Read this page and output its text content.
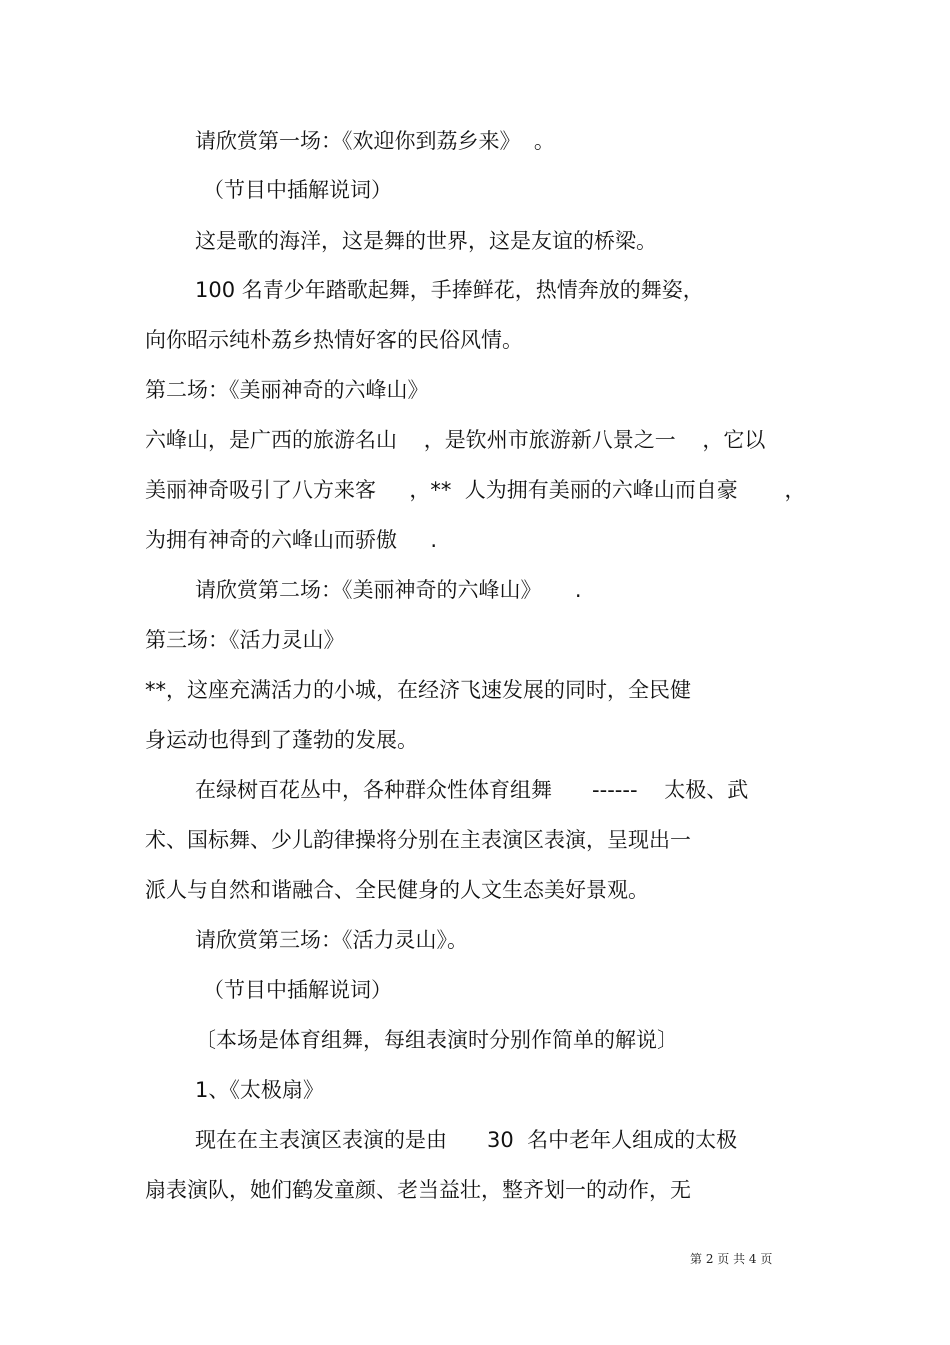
请欣赏第一场：《欢迎你到荔乡来》  。
（节目中插解说词）
这是歌的海洋，这是舞的世界，这是友谊的桥梁。
100 名青少年踏歌起舞，手捧鲜花，热情奔放的舞姿，
向你昭示纯朴荔乡热情好客的民俗风情。
第二场：《美丽神奇的六峰山》
六峰山，是广西的旅游名山    ，是钦州市旅游新八景之一    ，它以
美丽神奇吸引了八方来客     ，**  人为拥有美丽的六峰山而自豪       ，
为拥有神奇的六峰山而骄傲     .
请欣赏第二场：《美丽神奇的六峰山》     .
第三场：《活力灵山》
**，这座充满活力的小城，在经济飞速发展的同时，全民健
身运动也得到了蓬勃的发展。
在绿树百花丛中，各种群众性体育组舞      ------    太极、武
术、国标舞、少儿韵律操将分别在主表演区表演，呈现出一
派人与自然和谐融合、全民健身的人文生态美好景观。
请欣赏第三场：《活力灵山》。
（节目中插解说词）
〔本场是体育组舞，每组表演时分别作简单的解说〕
1、《太极扇》
现在在主表演区表演的是由      30  名中老年人组成的太极
扇表演队，她们鹤发童颜、老当益壮，整齐划一的动作，无
第 2 页 共 4 页
